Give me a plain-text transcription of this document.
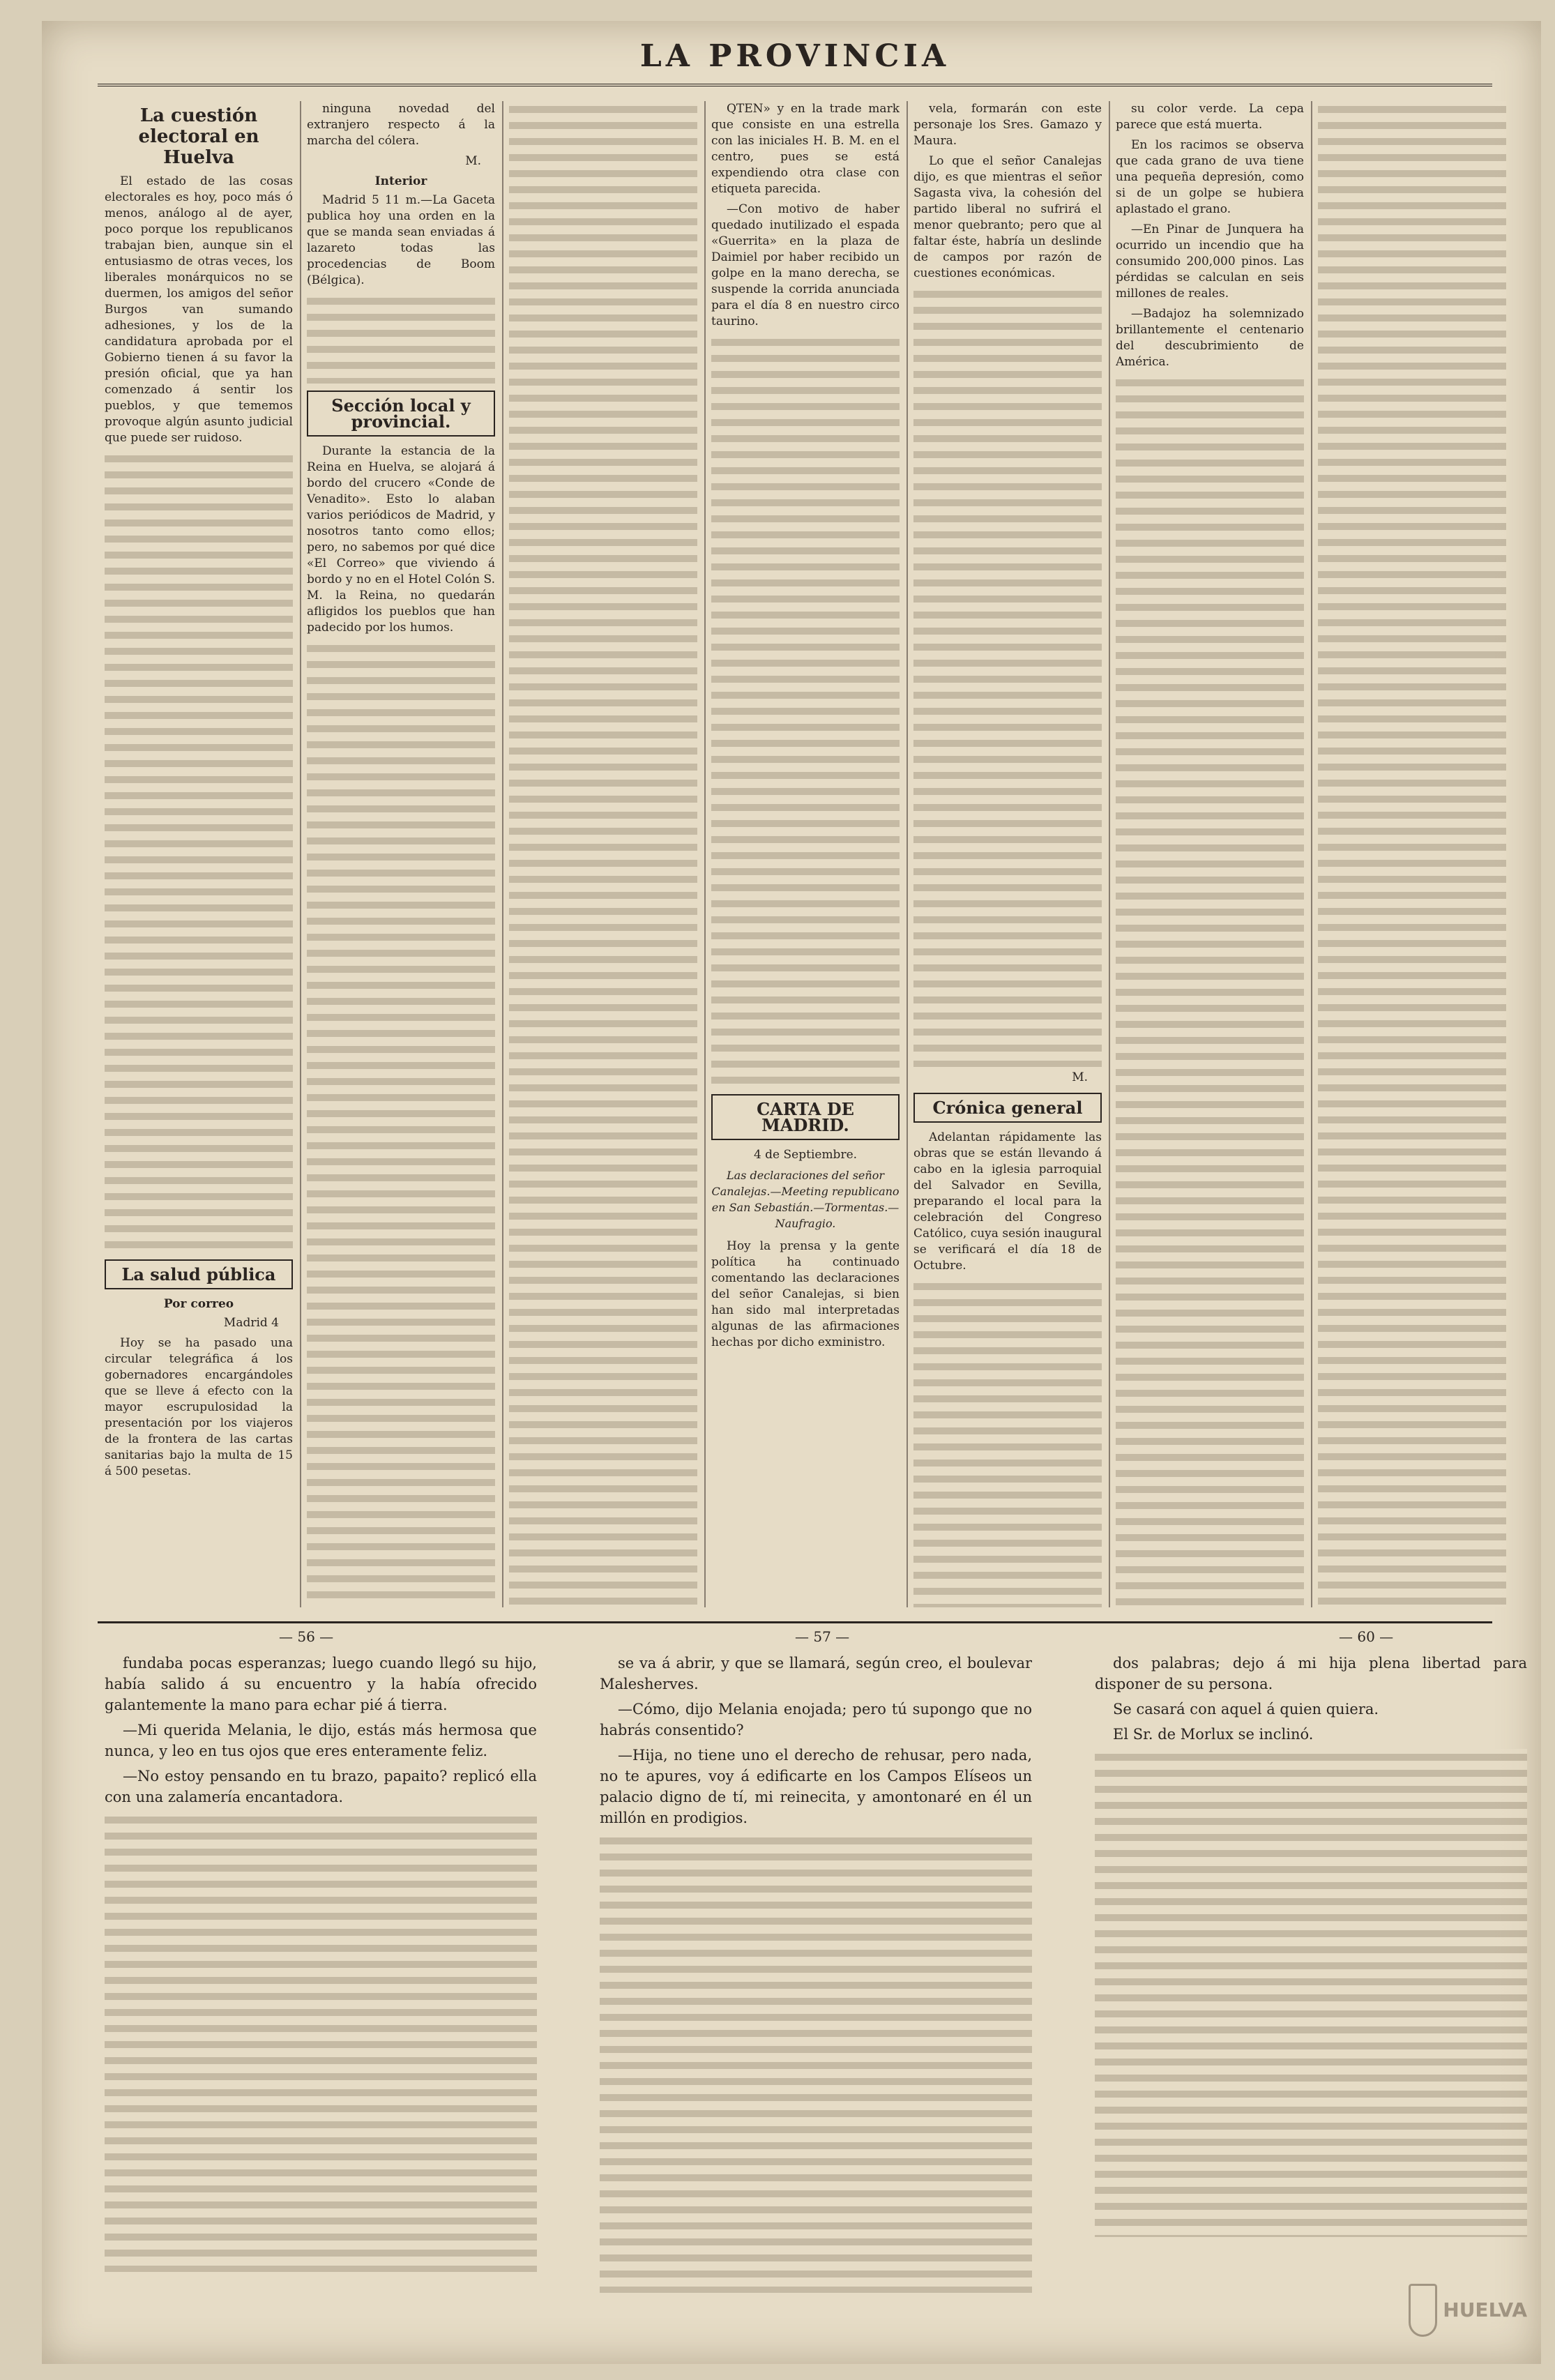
LA PROVINCIA
La cuestión electoral en Huelva

El estado de las cosas electorales es hoy, poco más ó menos, análogo al de ayer, poco porque los republicanos trabajan bien, aunque sin el entusiasmo de otras veces, los liberales monárquicos no se duermen, los amigos del señor Burgos van sumando adhesiones, y los de la candidatura aprobada por el Gobierno tienen á su favor la presión oficial, que ya han comenzado á sentir los pueblos, y que tememos provoque algún asunto judicial que puede ser ruidoso.

La salud pública
Por correo
Madrid 4

Hoy se ha pasado una circular telegráfica á los gobernadores encargándoles que se lleve á efecto con la mayor escrupulosidad la presentación por los viajeros de la frontera de las cartas sanitarias bajo la multa de 15 á 500 pesetas.

ninguna novedad del extranjero respecto á la marcha del cólera.

M.
Interior

Madrid 5 11 m.—La Gaceta publica hoy una orden en la que se manda sean enviadas á lazareto todas las procedencias de Boom (Bélgica).

Sección local y provincial.

Durante la estancia de la Reina en Huelva, se alojará á bordo del crucero «Conde de Venadito». Esto lo alaban varios periódicos de Madrid, y nosotros tanto como ellos; pero, no sabemos por qué dice «El Correo» que viviendo á bordo y no en el Hotel Colón S. M. la Reina, no quedarán afligidos los pueblos que han padecido por los humos.

QTEN» y en la trade mark que consiste en una estrella con las iniciales H. B. M. en el centro, pues se está expendiendo otra clase con etiqueta parecida.

—Con motivo de haber quedado inutilizado el espada «Guerrita» en la plaza de Daimiel por haber recibido un golpe en la mano derecha, se suspende la corrida anunciada para el día 8 en nuestro circo taurino.

CARTA DE MADRID.
4 de Septiembre.
Las declaraciones del señor Canalejas.—Meeting republicano en San Sebastián.—Tormentas.—Naufragio.

Hoy la prensa y la gente política ha continuado comentando las declaraciones del señor Canalejas, si bien han sido mal interpretadas algunas de las afirmaciones hechas por dicho exministro.

vela, formarán con este personaje los Sres. Gamazo y Maura.

Lo que el señor Canalejas dijo, es que mientras el señor Sagasta viva, la cohesión del partido liberal no sufrirá el menor quebranto; pero que al faltar éste, habría un deslinde de campos por razón de cuestiones económicas.

M.
Crónica general

Adelantan rápidamente las obras que se están llevando á cabo en la iglesia parroquial del Salvador en Sevilla, preparando el local para la celebración del Congreso Católico, cuya sesión inaugural se verificará el día 18 de Octubre.

su color verde. La cepa parece que está muerta.

En los racimos se observa que cada grano de uva tiene una pequeña depresión, como si de un golpe se hubiera aplastado el grano.

—En Pinar de Junquera ha ocurrido un incendio que ha consumido 200,000 pinos. Las pérdidas se calculan en seis millones de reales.

—Badajoz ha solemnizado brillantemente el centenario del descubrimiento de América.

— 56 —	— 57 —	— 60 —

fundaba pocas esperanzas; luego cuando llegó su hijo, había salido á su encuentro y la había ofrecido galantemente la mano para echar pié á tierra.

—Mi querida Melania, le dijo, estás más hermosa que nunca, y leo en tus ojos que eres enteramente feliz.

—No estoy pensando en tu brazo, papaito? replicó ella con una zalamería encantadora.

se va á abrir, y que se llamará, según creo, el boulevar Malesherves.

—Cómo, dijo Melania enojada; pero tú supongo que no habrás consentido?

—Hija, no tiene uno el derecho de rehusar, pero nada, no te apures, voy á edificarte en los Campos Elíseos un palacio digno de tí, mi reinecita, y amontonaré en él un millón en prodigios.

dos palabras; dejo á mi hija plena libertad para disponer de su persona.

Se casará con aquel á quien quiera.

El Sr. de Morlux se inclinó.

HUELVA
